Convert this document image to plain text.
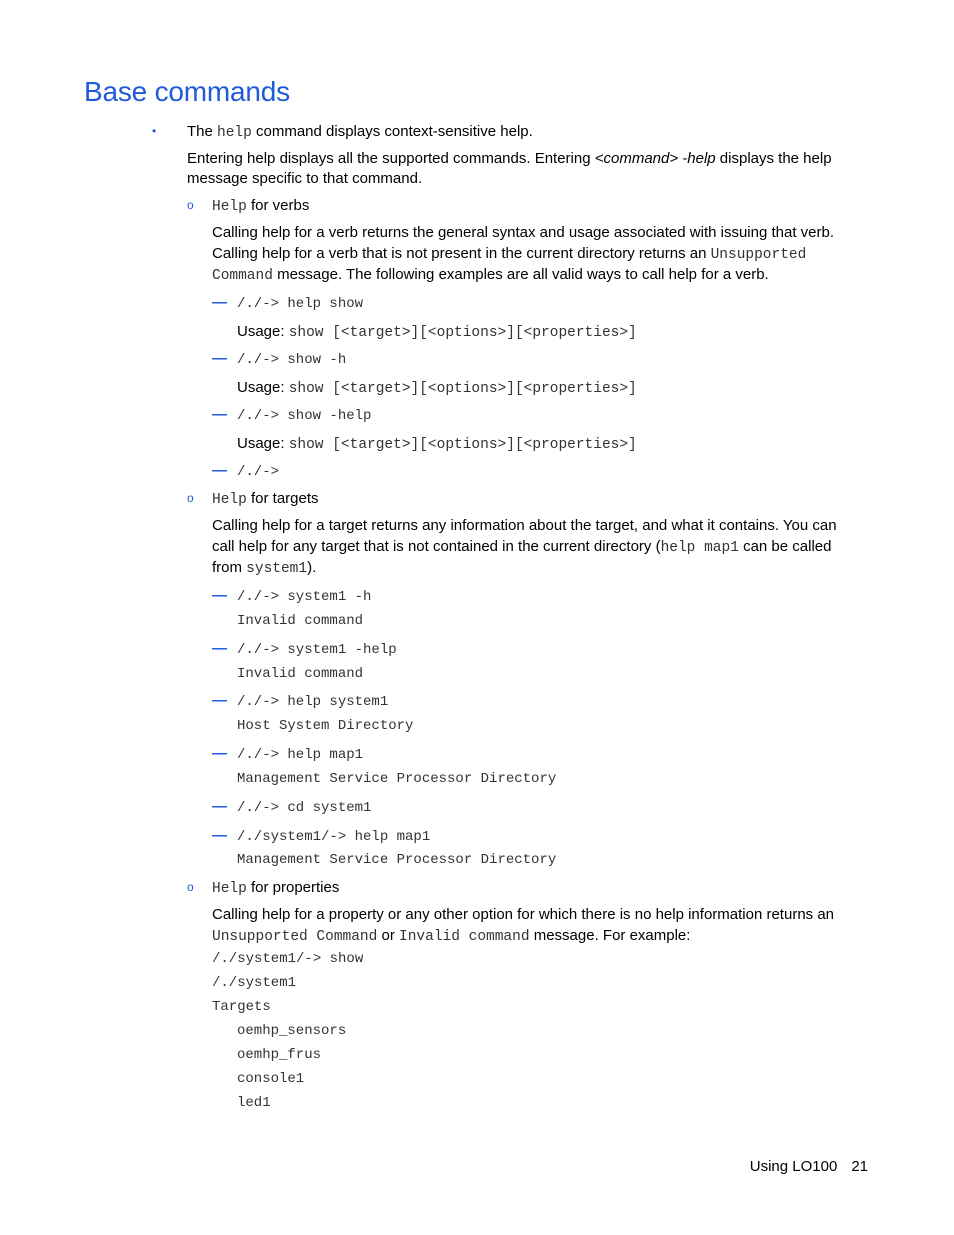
Base commands
• The help command displays context-sensitive help.
Entering help displays all the supported commands. Entering <command> -help displays the help
message specific to that command.
o Help for verbs
Calling help for a verb returns the general syntax and usage associated with issuing that verb.
Calling help for a verb that is not present in the current directory returns an Unsupported
Command message. The following examples are all valid ways to call help for a verb.
— /./-> help show
Usage: show [<target>][<options>][<properties>]
— /./-> show -h
Usage: show [<target>][<options>][<properties>]
— /./-> show -help
Usage: show [<target>][<options>][<properties>]
— /./->
o Help for targets
Calling help for a target returns any information about the target, and what it contains. You can
call help for any target that is not contained in the current directory (help map1 can be called
from system1).
— /./-> system1 -h
Invalid command
— /./-> system1 -help
Invalid command
— /./-> help system1
Host System Directory
— /./-> help map1
Management Service Processor Directory
— /./-> cd system1
— /./system1/-> help map1
Management Service Processor Directory
o Help for properties
Calling help for a property or any other option for which there is no help information returns an
Unsupported Command or Invalid command message. For example:
/./system1/-> show
/./system1
Targets
oemhp_sensors
oemhp_frus
console1
led1
Using LO100 21
